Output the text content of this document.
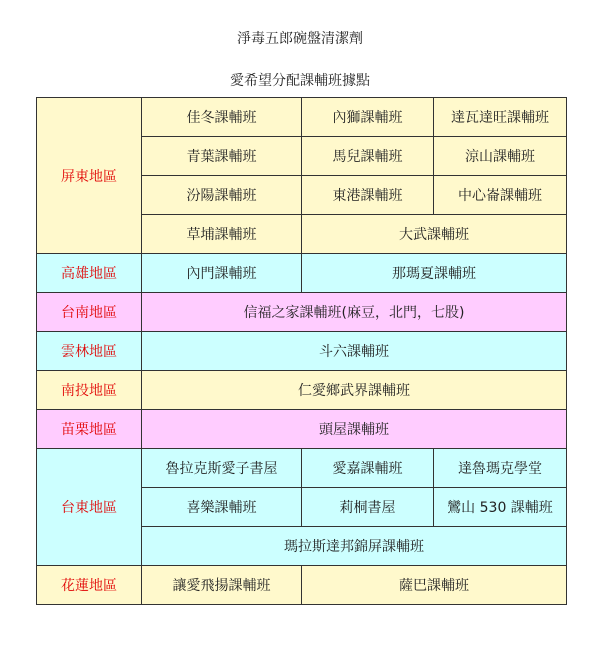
淨毒五郎碗盤清潔劑
愛希望分配課輔班據點
屏東地區	佳冬課輔班	內獅課輔班	達瓦達旺課輔班
	青葉課輔班	馬兒課輔班	涼山課輔班
	汾陽課輔班	東港課輔班	中心崙課輔班
	草埔課輔班	大武課輔班	
高雄地區	內門課輔班	那瑪夏課輔班	
台南地區	信福之家課輔班(麻豆，北門，七股)		
雲林地區	斗六課輔班		
南投地區	仁愛鄉武界課輔班		
苗栗地區	頭屋課輔班		
台東地區	魯拉克斯愛子書屋	愛嘉課輔班	達魯瑪克學堂
	喜樂課輔班	莉桐書屋	鸞山 530 課輔班
	瑪拉斯達邦錦屏課輔班		
花蓮地區	讓愛飛揚課輔班	薩巴課輔班	
